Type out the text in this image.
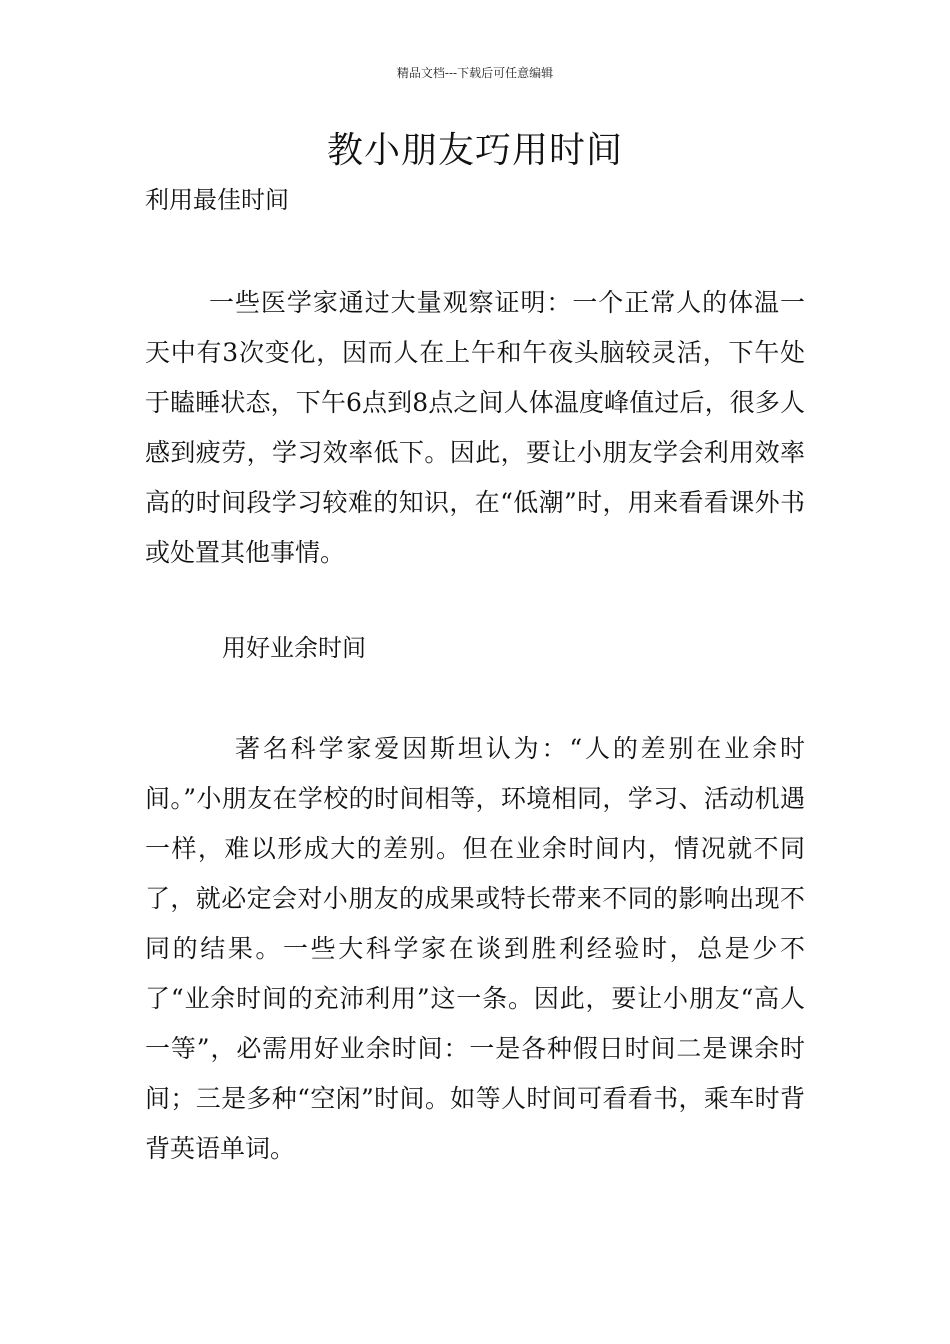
精品文档---下载后可任意编辑
教小朋友巧用时间
利用最佳时间

一些医学家通过大量观察证明：一个正常人的体温一天中有3次变化，因而人在上午和午夜头脑较灵活，下午处于瞌睡状态，下午6点到8点之间人体温度峰值过后，很多人感到疲劳，学习效率低下。因此，要让小朋友学会利用效率高的时间段学习较难的知识，在“低潮”时，用来看看课外书或处置其他事情。

用好业余时间

著名科学家爱因斯坦认为：“人的差别在业余时间。”小朋友在学校的时间相等，环境相同，学习、活动机遇一样，难以形成大的差别。但在业余时间内，情况就不同了，就必定会对小朋友的成果或特长带来不同的影响出现不同的结果。一些大科学家在谈到胜利经验时，总是少不了“业余时间的充沛利用”这一条。因此，要让小朋友“高人一等”，必需用好业余时间：一是各种假日时间二是课余时间；三是多种“空闲”时间。如等人时间可看看书，乘车时背背英语单词。
